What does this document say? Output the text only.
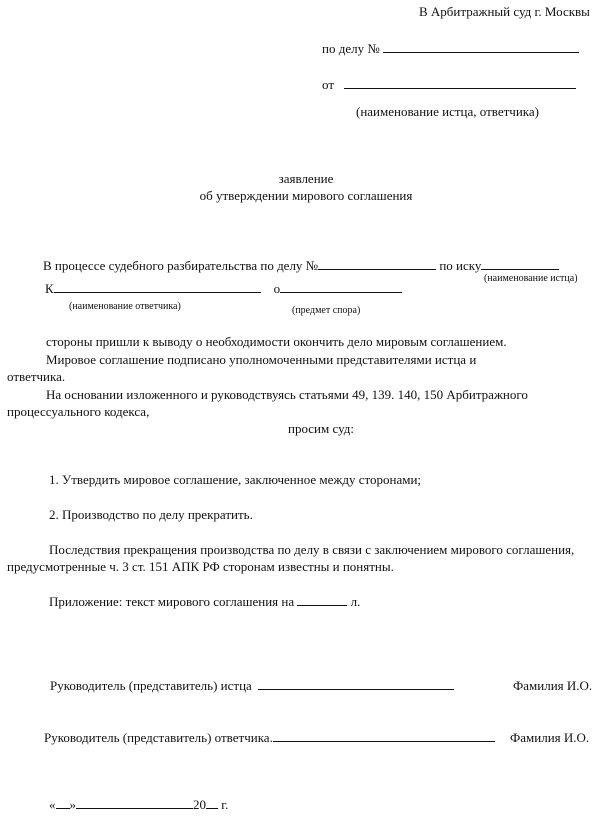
В Арбитражный суд г. Москвы
по делу №
от
(наименование истца, ответчика)
заявление
об утверждении мирового соглашения
В процессе судебного разбирательства по делу №	по иску
(наименование истца)
К	о
(наименование ответчика)	(предмет спора)
стороны пришли к выводу о необходимости окончить дело мировым соглашением.
Мировое соглашение подписано уполномоченными представителями истца и
ответчика.
На основании изложенного и руководствуясь статьями 49, 139. 140, 150 Арбитражного
процессуального кодекса,
просим суд:
1. Утвердить мировое соглашение, заключенное между сторонами;
2. Производство по делу прекратить.
Последствия прекращения производства по делу в связи с заключением мирового соглашения,
предусмотренные ч. 3 ст. 151 АПК РФ сторонам известны и понятны.
Приложение: текст мирового соглашения на	л.
Руководитель (представитель) истца	Фамилия И.О.
Руководитель (представитель) ответчика.	Фамилия И.О.
« »	20 г.
